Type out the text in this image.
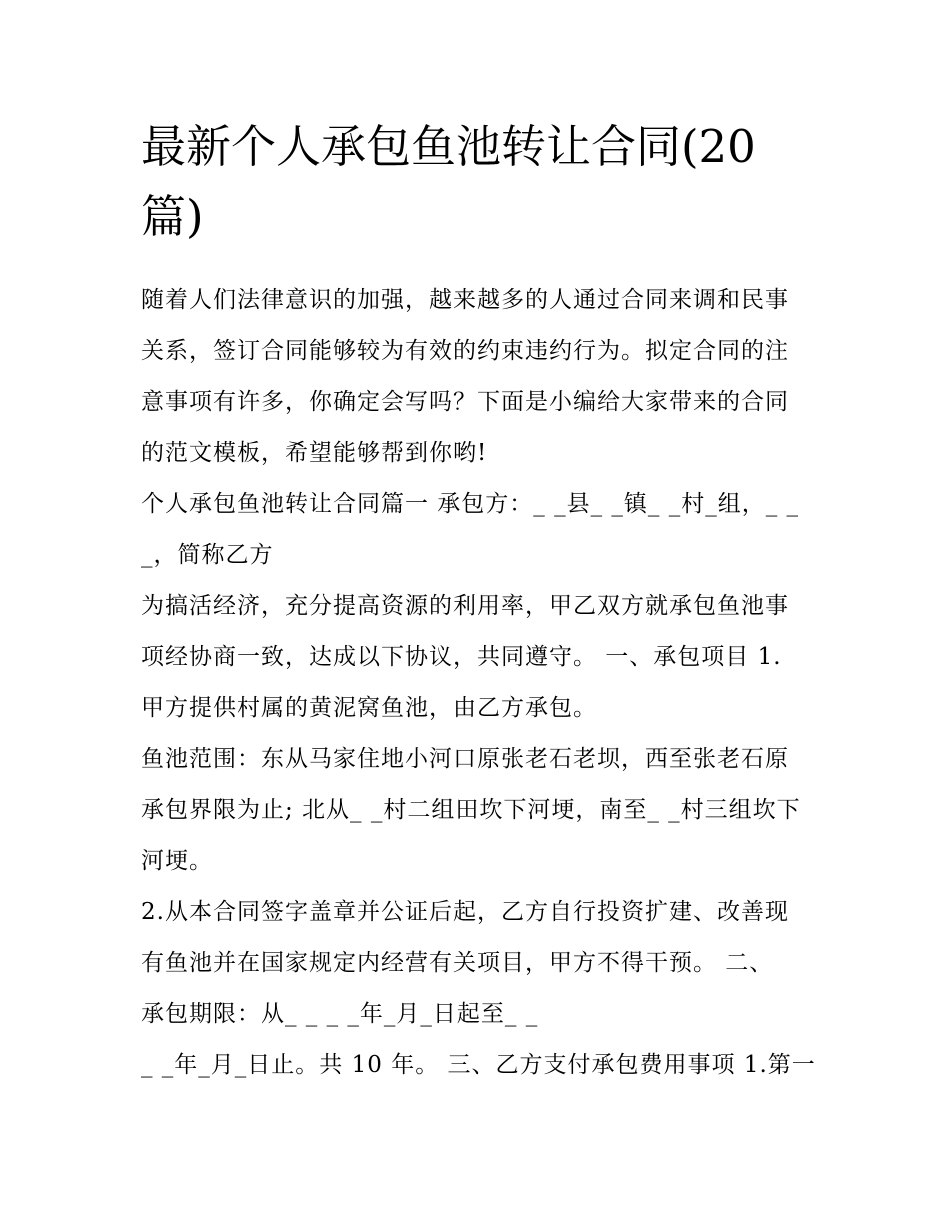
最新个人承包鱼池转让合同(20
篇)
随着人们法律意识的加强，越来越多的人通过合同来调和民事
关系，签订合同能够较为有效的约束违约行为。拟定合同的注
意事项有许多，你确定会写吗？下面是小编给大家带来的合同
的范文模板，希望能够帮到你哟!
个人承包鱼池转让合同篇一 承包方：_ _县_ _镇_ _村_组，_ _
_，简称乙方
为搞活经济，充分提高资源的利用率，甲乙双方就承包鱼池事
项经协商一致，达成以下协议，共同遵守。 一、承包项目 1.
甲方提供村属的黄泥窝鱼池，由乙方承包。
鱼池范围：东从马家住地小河口原张老石老坝，西至张老石原
承包界限为止; 北从_ _村二组田坎下河埂，南至_ _村三组坎下
河埂。
2.从本合同签字盖章并公证后起，乙方自行投资扩建、改善现
有鱼池并在国家规定内经营有关项目，甲方不得干预。 二、
承包期限：从_ _ _ _年_月_日起至_ _
_ _年_月_日止。共 10 年。 三、乙方支付承包费用事项 1.第一
